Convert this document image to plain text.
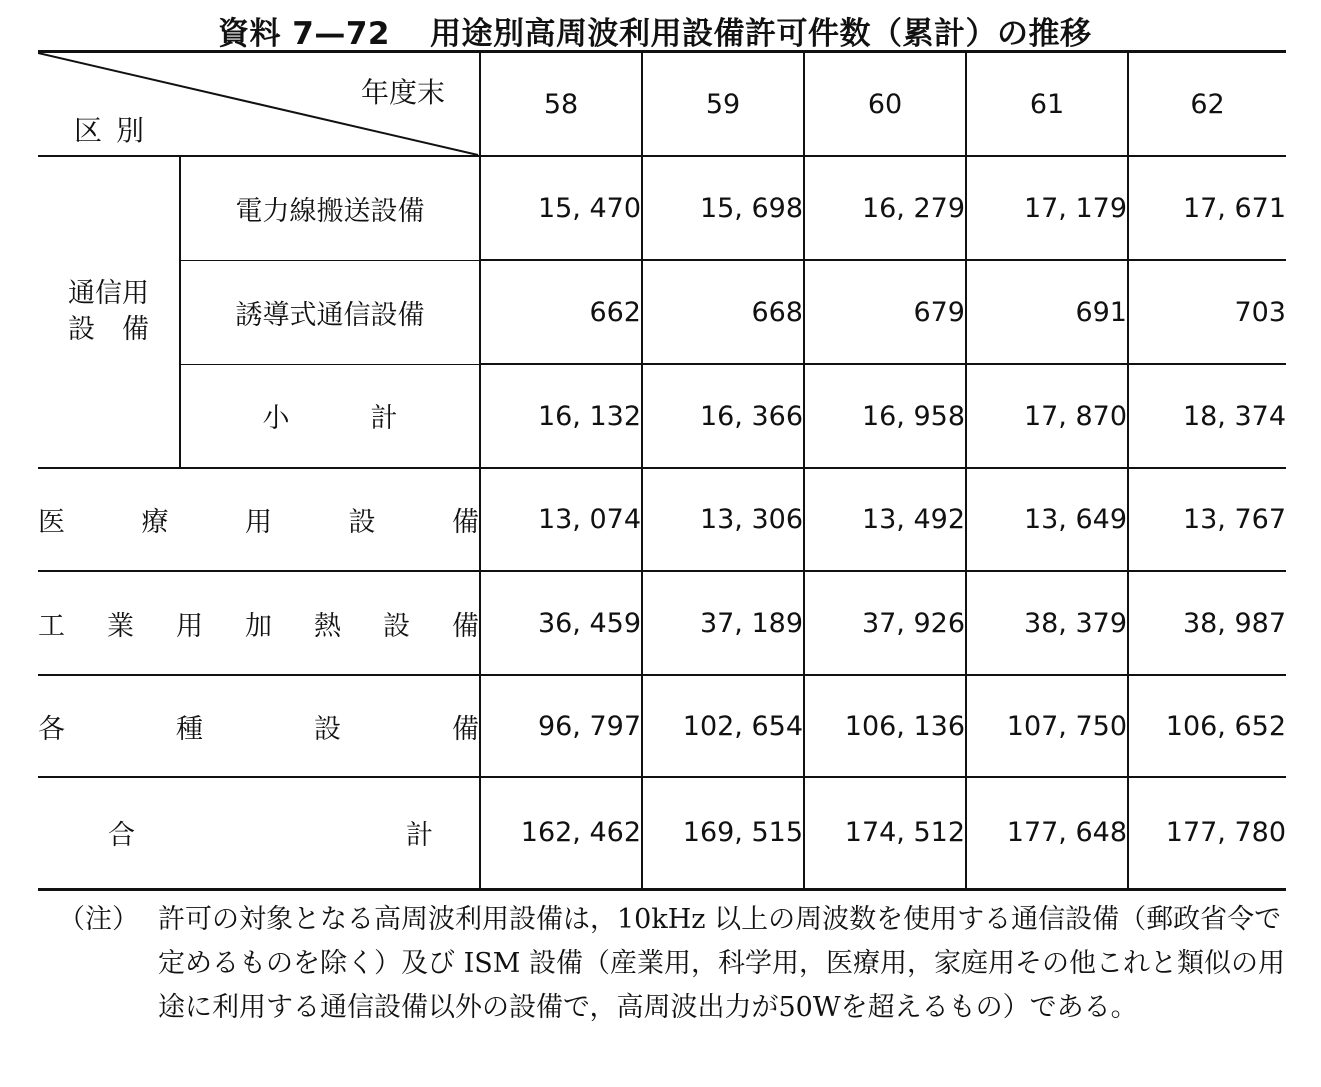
資料 7—72 用途別高周波利用設備許可件数（累計）の推移
年度末
区別		58	59	60	61	62

通信用
設　備	電力線搬送設備	15, 470	15, 698	16, 279	17, 179	17, 671
	誘導式通信設備	662	668	679	691	703
	小　　　計	16, 132	16, 366	16, 958	17, 870	18, 374
医療用設備		13, 074	13, 306	13, 492	13, 649	13, 767
工業用加熱設備		36, 459	37, 189	37, 926	38, 379	38, 987
各種設備		96, 797	102, 654	106, 136	107, 750	106, 652
合計		162, 462	169, 515	174, 512	177, 648	177, 780
（注） 許可の対象となる高周波利用設備は，10kHz 以上の周波数を使用する通信設備（郵政省令で定めるものを除く）及び ISM 設備（産業用，科学用，医療用，家庭用その他これと類似の用途に利用する通信設備以外の設備で，高周波出力が50Wを超えるもの）である。
